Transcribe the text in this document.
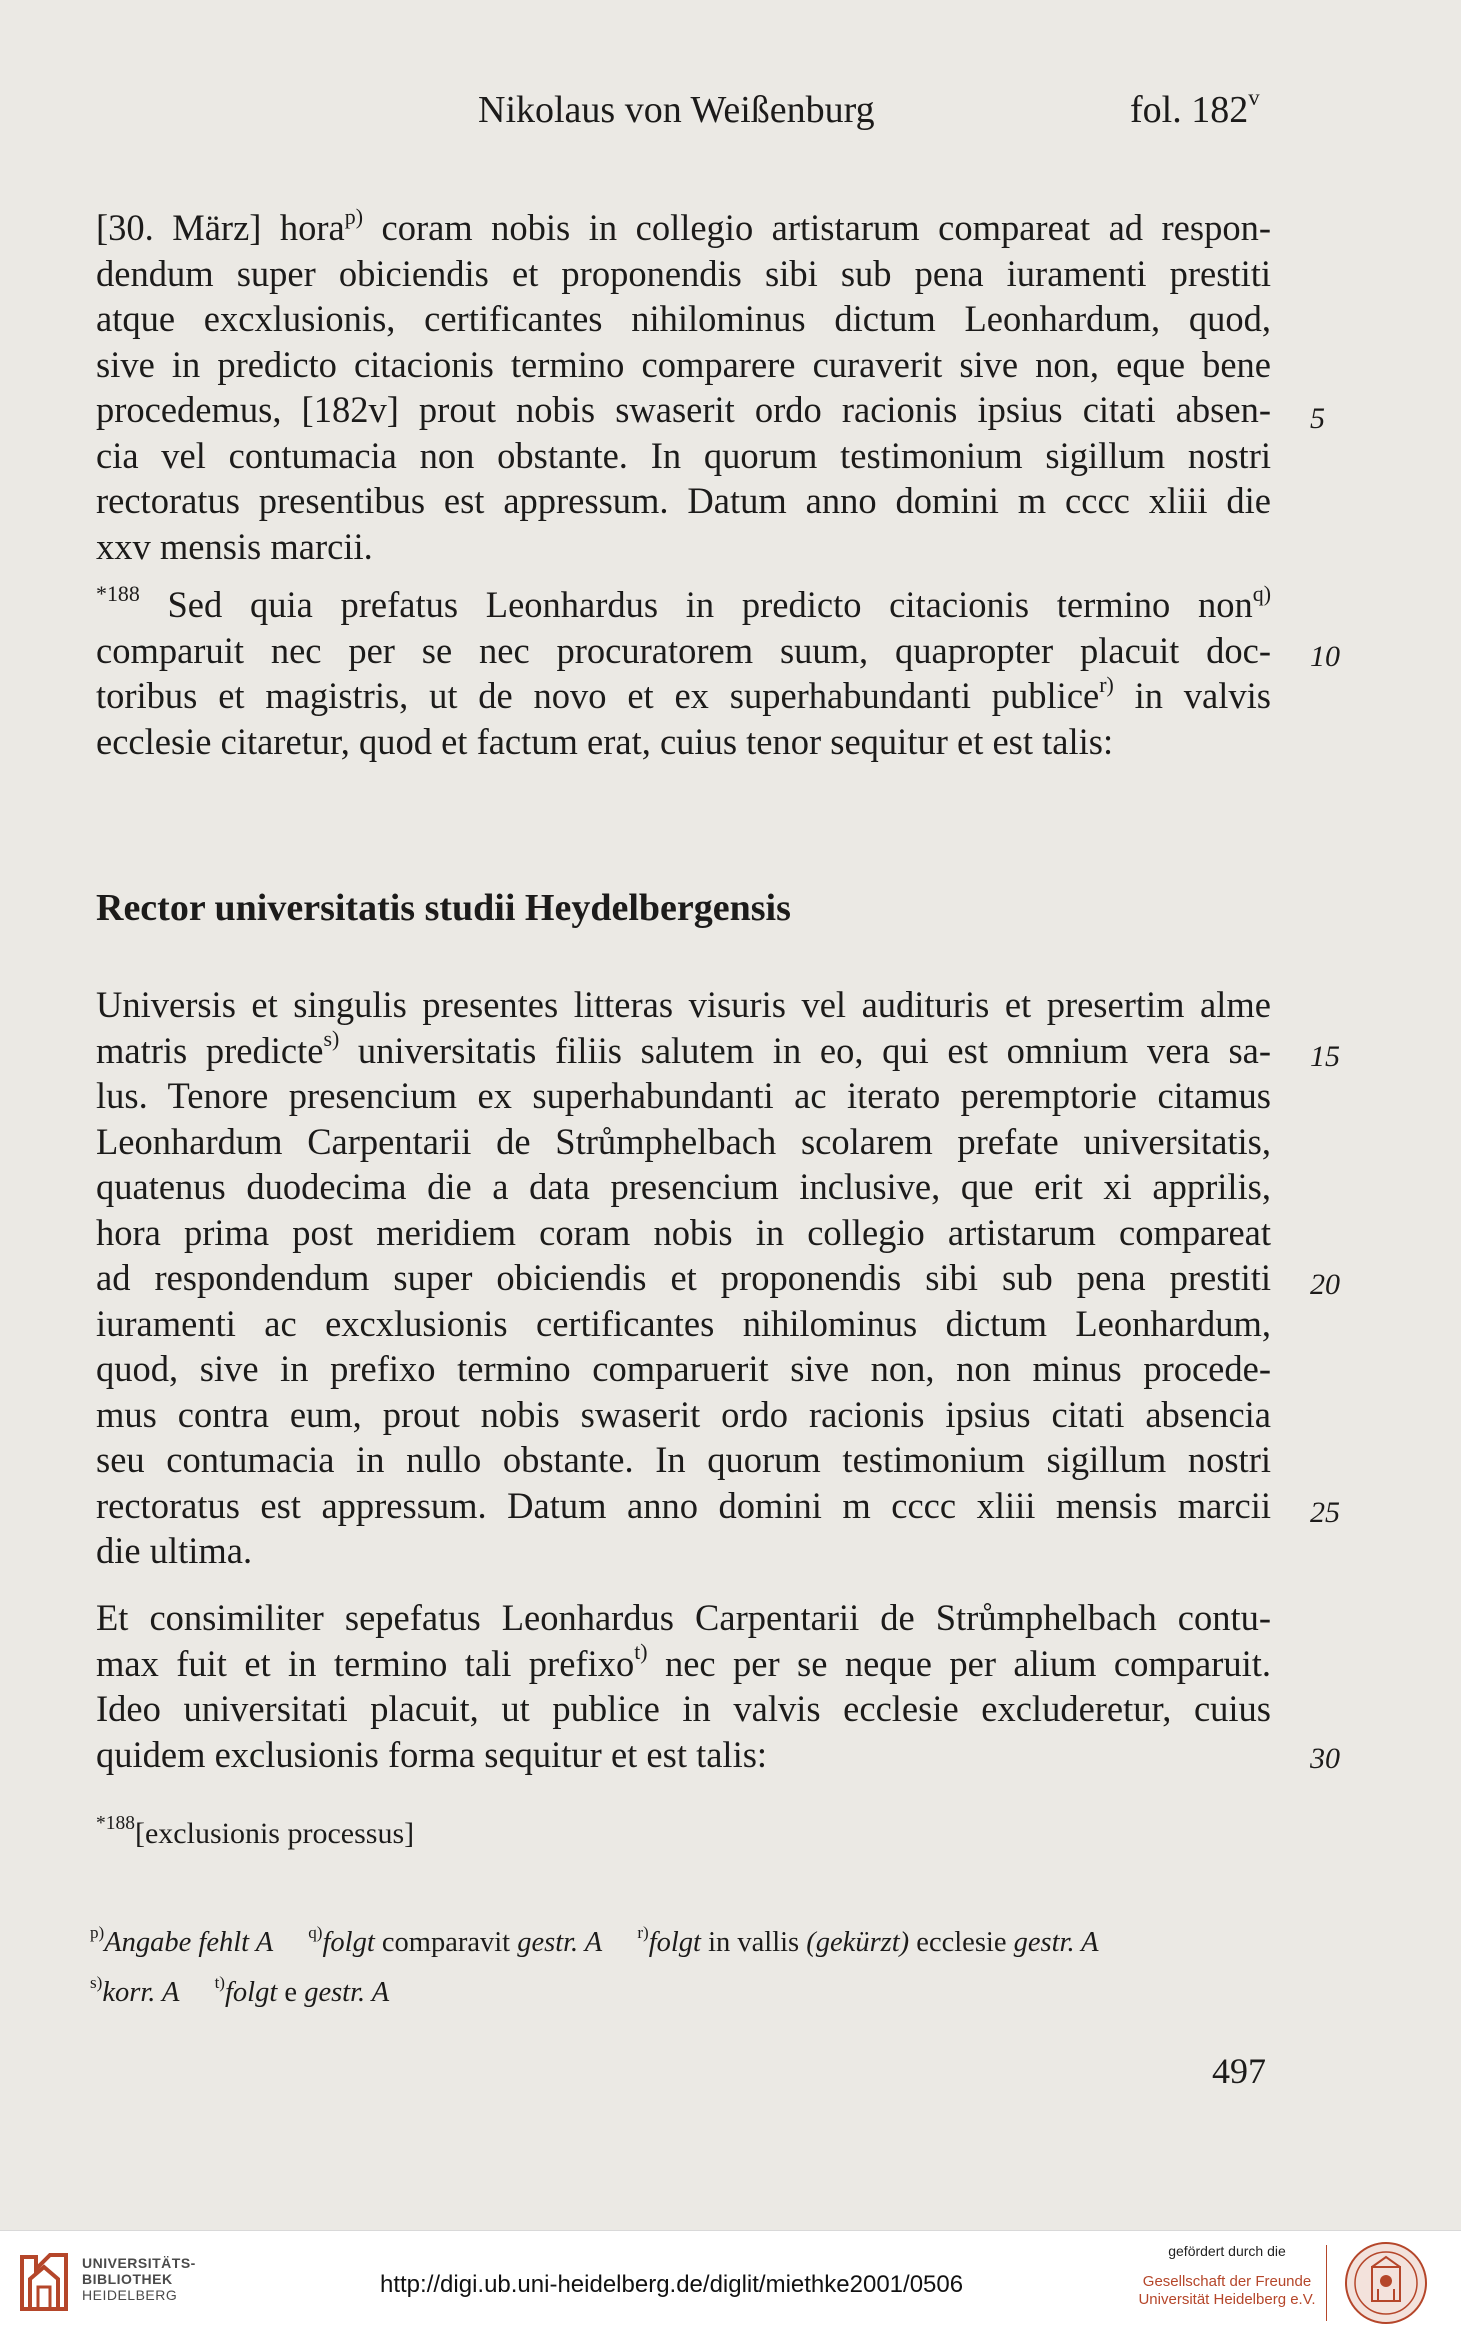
Nikolaus von Weißenburg	fol. 182$^v$
[30. März] hora$^{p)}$ coram nobis in collegio artistarum compareat ad respon-
dendum super obiciendis et proponendis sibi sub pena iuramenti prestiti
atque excxlusionis, certificantes nihilominus dictum Leonhardum, quod,
sive in predicto citacionis termino comparere curaverit sive non, eque bene
procedemus, [182v] prout nobis swaserit ordo racionis ipsius citati absen-
cia vel contumacia non obstante. In quorum testimonium sigillum nostri
rectoratus presentibus est appressum. Datum anno domini m cccc xliii die
xxv mensis marcii.
$^{*188}$ Sed quia prefatus Leonhardus in predicto citacionis termino non$^{q)}$
comparuit nec per se nec procuratorem suum, quapropter placuit doc-
toribus et magistris, ut de novo et ex superhabundanti publice$^{r)}$ in valvis
ecclesie citaretur, quod et factum erat, cuius tenor sequitur et est talis:
Rector universitatis studii Heydelbergensis
Universis et singulis presentes litteras visuris vel audituris et presertim alme
matris predicte$^{s)}$ universitatis filiis salutem in eo, qui est omnium vera sa-
lus. Tenore presencium ex superhabundanti ac iterato peremptorie citamus
Leonhardum Carpentarii de Strůmphelbach scolarem prefate universitatis,
quatenus duodecima die a data presencium inclusive, que erit xi apprilis,
hora prima post meridiem coram nobis in collegio artistarum compareat
ad respondendum super obiciendis et proponendis sibi sub pena prestiti
iuramenti ac excxlusionis certificantes nihilominus dictum Leonhardum,
quod, sive in prefixo termino comparuerit sive non, non minus procede-
mus contra eum, prout nobis swaserit ordo racionis ipsius citati absencia
seu contumacia in nullo obstante. In quorum testimonium sigillum nostri
rectoratus est appressum. Datum anno domini m cccc xliii mensis marcii
die ultima.
Et consimiliter sepefatus Leonhardus Carpentarii de Strůmphelbach contu-
max fuit et in termino tali prefixo$^{t)}$ nec per se neque per alium comparuit.
Ideo universitati placuit, ut publice in valvis ecclesie excluderetur, cuius
quidem exclusionis forma sequitur et est talis:
5
10
15
20
25
30
$^{*188}$[exclusionis processus]
$^{p)}$Angabe fehlt A $^{q)}$folgt comparavit gestr. A $^{r)}$folgt in vallis (gekürzt) ecclesie gestr. A
$^{s)}$korr. A $^{t)}$folgt e gestr. A
497
UNIVERSITÄTS-
BIBLIOTHEK
HEIDELBERG	http://digi.ub.uni-heidelberg.de/diglit/miethke2001/0506
gefördert durch die
Gesellschaft der Freunde
Universität Heidelberg e.V.
